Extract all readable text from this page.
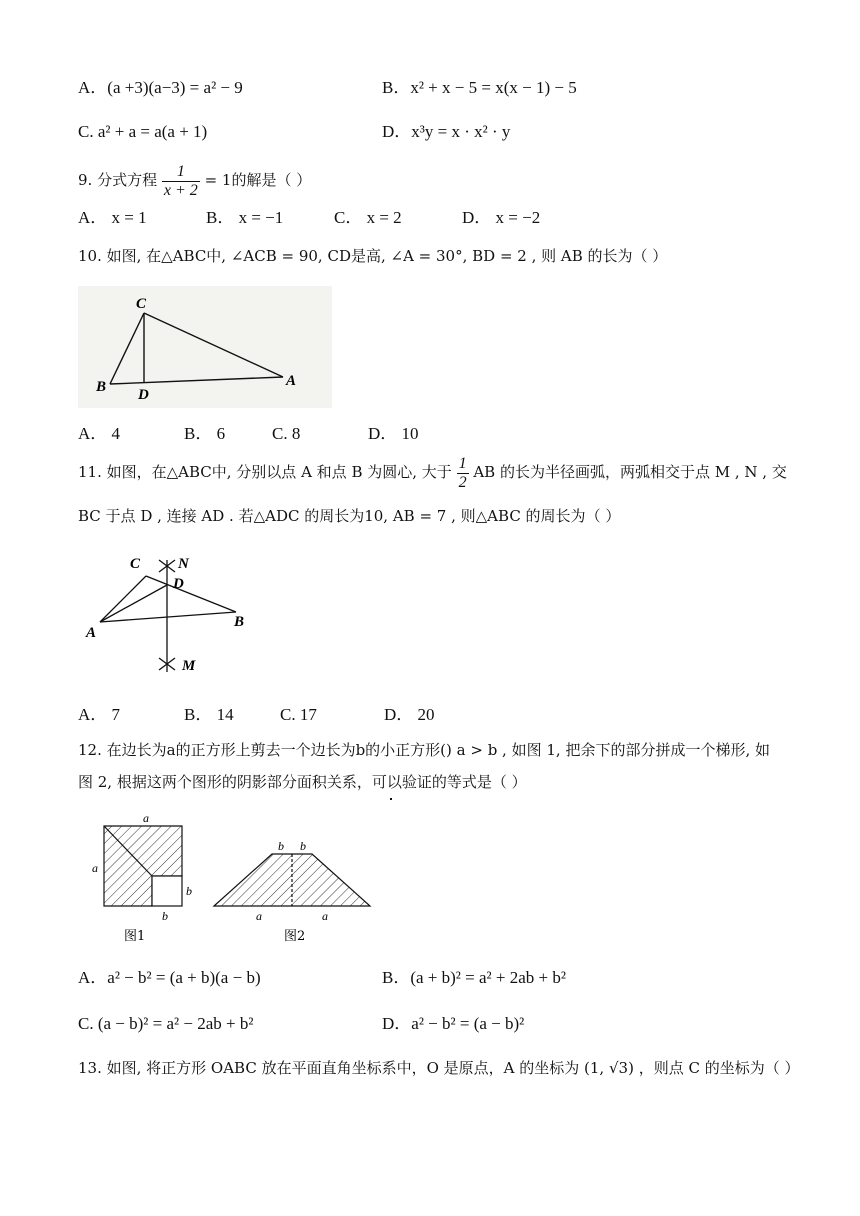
A．(a +3)(a−3) = a² − 9	B．x² + x − 5 = x(x − 1) − 5
C. a² + a = a(a + 1)	D．x³y = x · x² · y
9. 分式方程 $\frac{1}{x + 2} = 1$的解是（ ）
A． x = 1	B． x = −1	C． x = 2	D． x = −2
10. 如图, 在△ABC中, ∠ACB = 90, CD是高, ∠A = 30°, BD = 2 , 则 AB 的长为（ ）
C
B D
A
A． 4	B． 6	C. 8	D． 10
11. 如图，在△ABC中, 分别以点 A 和点 B 为圆心, 大于 $\frac{1}{2}$ AB 的长为半径画弧，两弧相交于点 M , N , 交
BC 于点 D , 连接 AD . 若△ADC 的周长为10, AB = 7 , 则△ABC 的周长为（ ）
C	N
D
A
B
M
A． 7	B． 14	C. 17	D． 20
12. 在边长为a的正方形上剪去一个边长为b的小正方形() a > b , 如图 1, 把余下的部分拼成一个梯形, 如
图 2, 根据这两个图形的阴影部分面积关系，可以验证的等式是（ ）
a
a
b
b
图1
b b
a	a
图2
A．a² − b² = (a + b)(a − b)	B．(a + b)² = a² + 2ab + b²
C. (a − b)² = a² − 2ab + b²	D．a² − b² = (a − b)²
13. 如图, 将正方形 OABC 放在平面直角坐标系中，O 是原点，A 的坐标为 (1, √3) ，则点 C 的坐标为（ ）
